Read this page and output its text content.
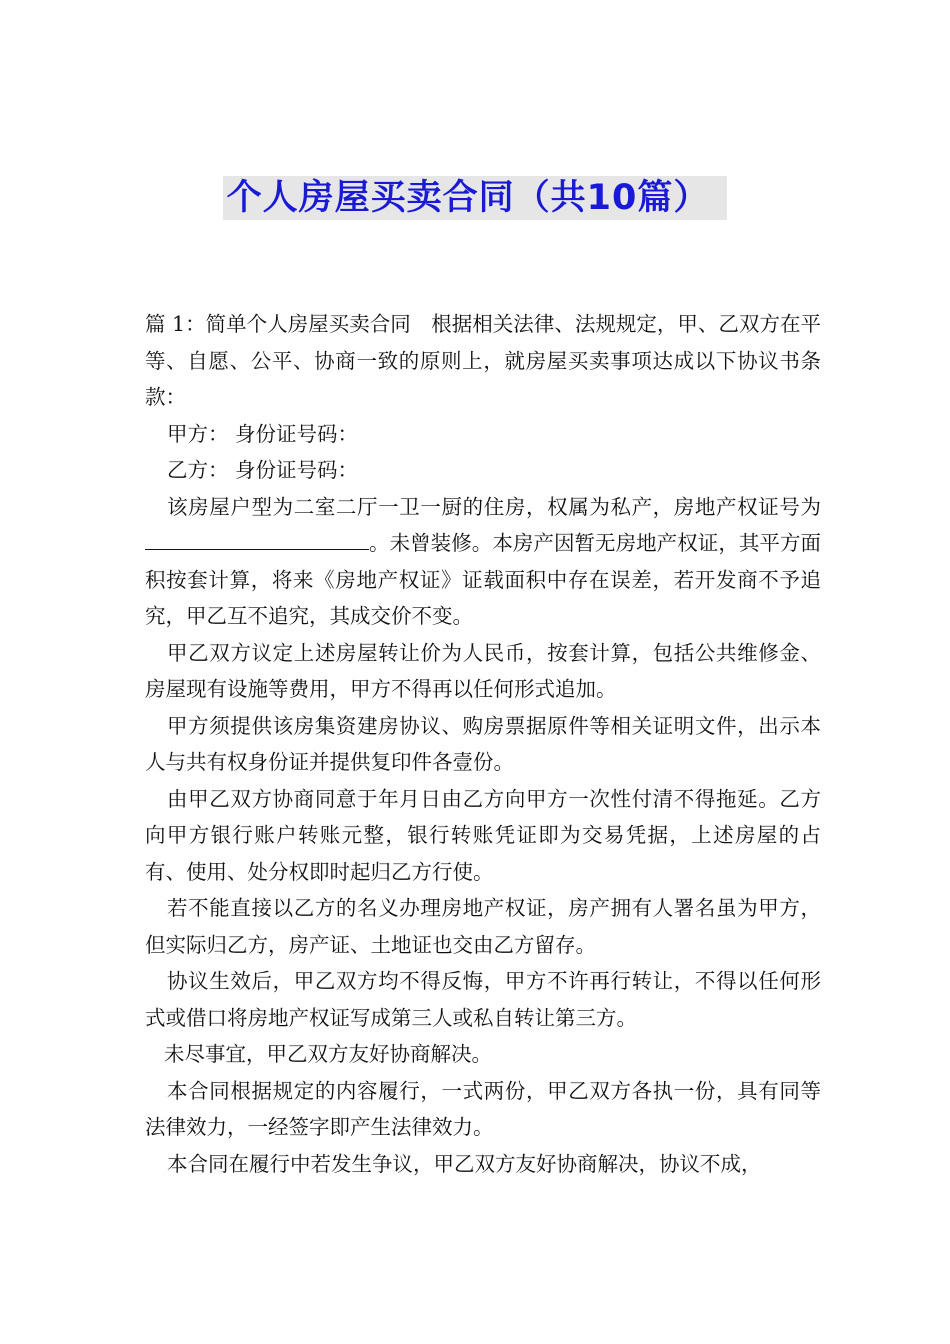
个人房屋买卖合同（共10篇）

篇 1：简单个人房屋买卖合同　根据相关法律、法规规定，甲、乙双方在平等、自愿、公平、协商一致的原则上，就房屋买卖事项达成以下协议书条款：

甲方： 身份证号码：

乙方： 身份证号码：

该房屋户型为二室二厅一卫一厨的住房，权属为私产，房地产权证号为。未曾装修。本房产因暂无房地产权证，其平方面积按套计算，将来《房地产权证》证载面积中存在误差，若开发商不予追究，甲乙互不追究，其成交价不变。

甲乙双方议定上述房屋转让价为人民币，按套计算，包括公共维修金、房屋现有设施等费用，甲方不得再以任何形式追加。

甲方须提供该房集资建房协议、购房票据原件等相关证明文件，出示本人与共有权身份证并提供复印件各壹份。

由甲乙双方协商同意于年月日由乙方向甲方一次性付清不得拖延。乙方向甲方银行账户转账元整，银行转账凭证即为交易凭据，上述房屋的占有、使用、处分权即时起归乙方行使。

若不能直接以乙方的名义办理房地产权证，房产拥有人署名虽为甲方，但实际归乙方，房产证、土地证也交由乙方留存。

协议生效后，甲乙双方均不得反悔，甲方不许再行转让，不得以任何形式或借口将房地产权证写成第三人或私自转让第三方。

未尽事宜，甲乙双方友好协商解决。

本合同根据规定的内容履行，一式两份，甲乙双方各执一份，具有同等法律效力，一经签字即产生法律效力。

本合同在履行中若发生争议，甲乙双方友好协商解决，协议不成，
